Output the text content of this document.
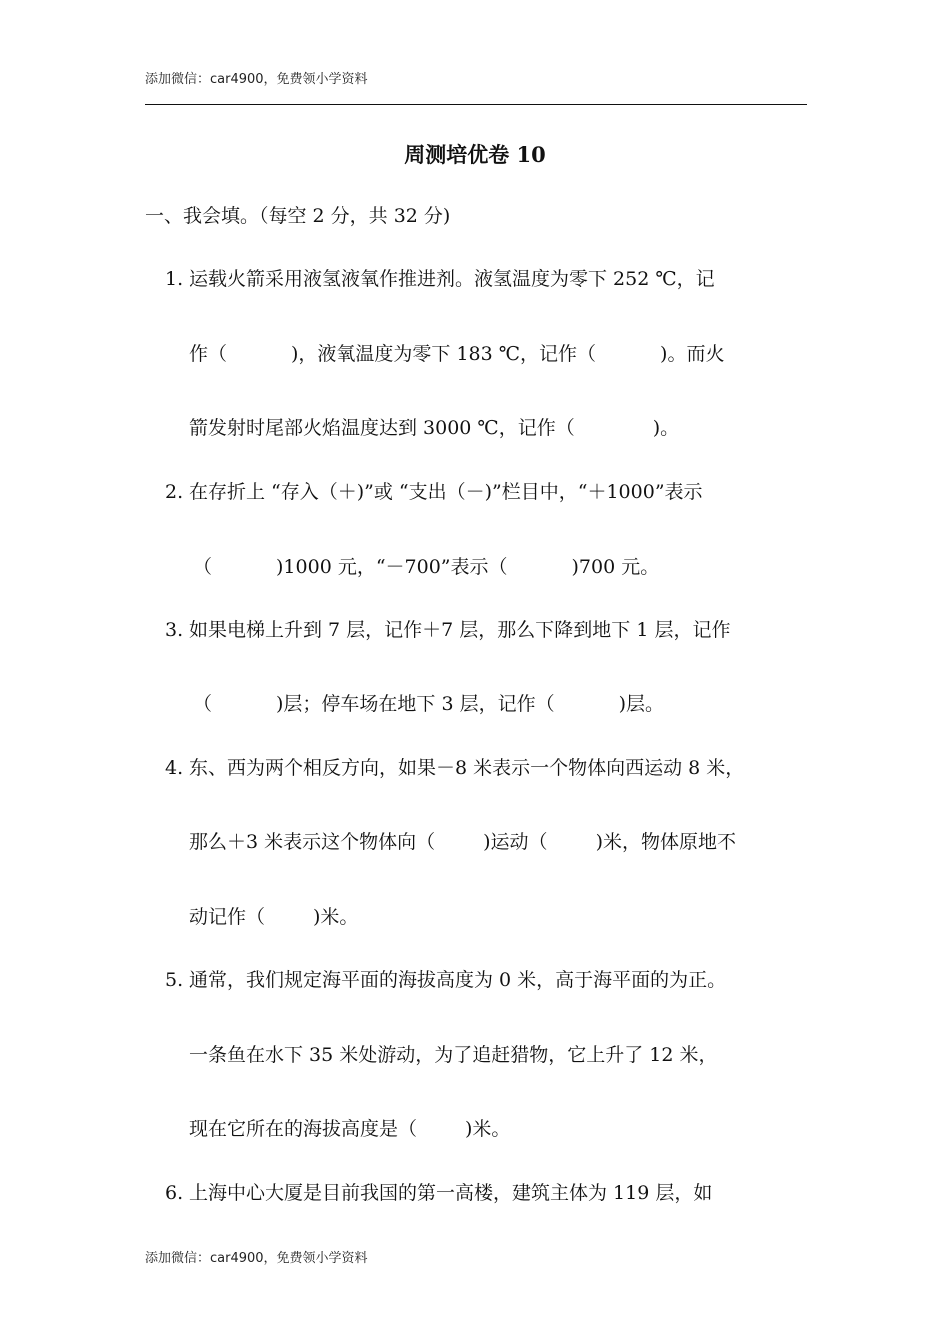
添加微信：car4900，免费领小学资料
周测培优卷 10
一、我会填。（每空 2 分，共 32 分)
1. 运载火箭采用液氢液氧作推进剂。液氢温度为零下 252 ℃，记
作（	)，液氧温度为零下 183 ℃，记作（	)。而火
箭发射时尾部火焰温度达到 3000 ℃，记作（	)。
2. 在存折上 “存入（＋)”或 “支出（－)”栏目中，“＋1000”表示
（	)1000 元，“－700”表示（	)700 元。
3. 如果电梯上升到 7 层，记作＋7 层，那么下降到地下 1 层，记作
（	)层；停车场在地下 3 层，记作（	)层。
4. 东、西为两个相反方向，如果－8 米表示一个物体向西运动 8 米，
那么＋3 米表示这个物体向（	)运动（	)米，物体原地不
动记作（	)米。
5. 通常，我们规定海平面的海拔高度为 0 米，高于海平面的为正。
一条鱼在水下 35 米处游动，为了追赶猎物，它上升了 12 米，
现在它所在的海拔高度是（	)米。
6. 上海中心大厦是目前我国的第一高楼，建筑主体为 119 层，如
添加微信：car4900，免费领小学资料
